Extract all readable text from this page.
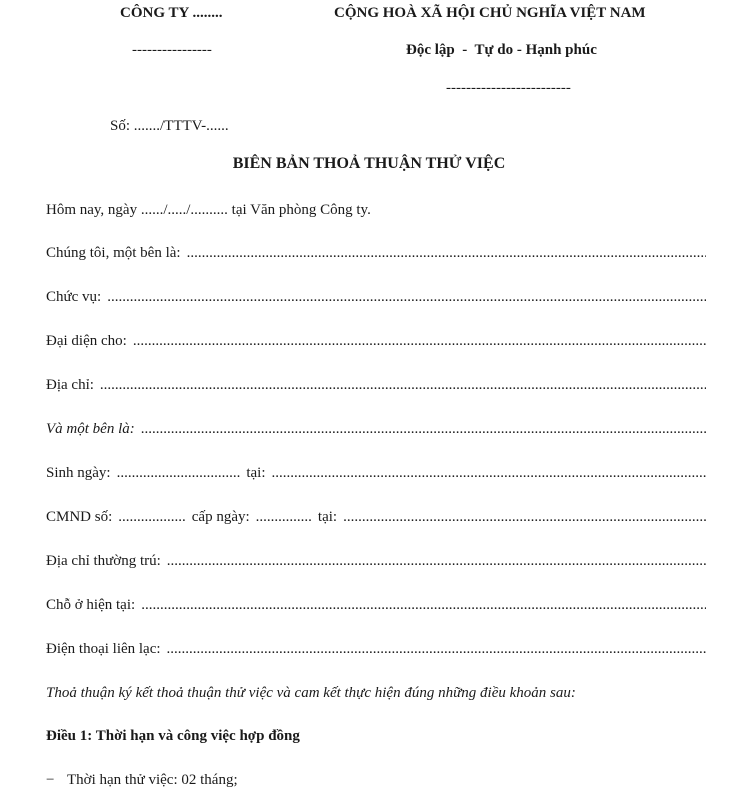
CÔNG TY ........
----------------
CỘNG HOÀ XÃ HỘI CHỦ NGHĨA VIỆT NAM
Độc lập  -  Tự do - Hạnh phúc
-------------------------
Số: ......./TTTV-......
BIÊN BẢN THOẢ THUẬN THỬ VIỆC
Hôm nay, ngày ....../...../.......... tại Văn phòng Công ty.
Chúng tôi, một bên là:
.....
Chức vụ:
.....
Đại diện cho:
.....
Địa chỉ:
.....
Và một bên là:
.....
Sinh ngày: ................................. tại:
.....
CMND số: .................. cấp ngày: ............... tại:
.....
Địa chỉ thường trú:
.....
Chỗ ở hiện tại:
.....
Điện thoại liên lạc:
.....
Thoả thuận ký kết thoả thuận thử việc và cam kết thực hiện đúng những điều khoản sau:
Điều 1: Thời hạn và công việc hợp đồng
− Thời hạn thử việc: 02 tháng;
